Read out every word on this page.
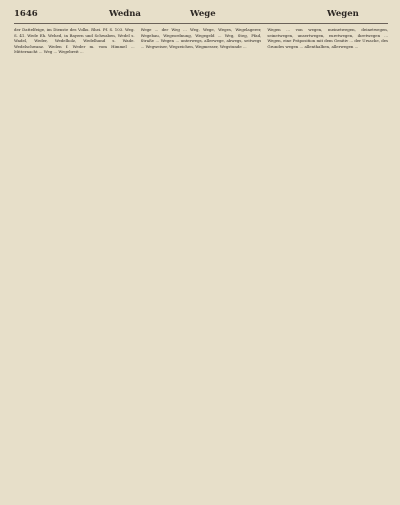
1646	Wedna	Wege	Wegen

der Dattelfeige, im Dienste des Volks. Rhei. Pf. S. 103. Weg. S. 41. Wede Eh. Wehed, in Bayern und Schwaben, Wedel s. Wadel, Weder, Wedelholz, Wedelhund s. Wade. Wedelschwanz. Weden f. Weder m. vom Himmel ... Mitternacht ... Weg ... Wegebreit ...

Wege ... der Weg ... Weg, Wege, Weges, Wegelagerer, Wegebau, Wegeordnung, Wegegeld ... Weg, Steg, Pfad, Straße ... Wegen ... unterwegs, allerwege, abwegs, seitwegs ... Wegweiser, Wegzeichen, Wegmesser, Wegstunde ...

Wegen ... von wegen, meinetwegen, deinetwegen, seinetwegen, unsertwegen, euretwegen, ihretwegen ... Wegen, eine Präposition mit dem Genitiv ... der Ursache, des Grundes wegen ... allenthalben, allerwegen ...
